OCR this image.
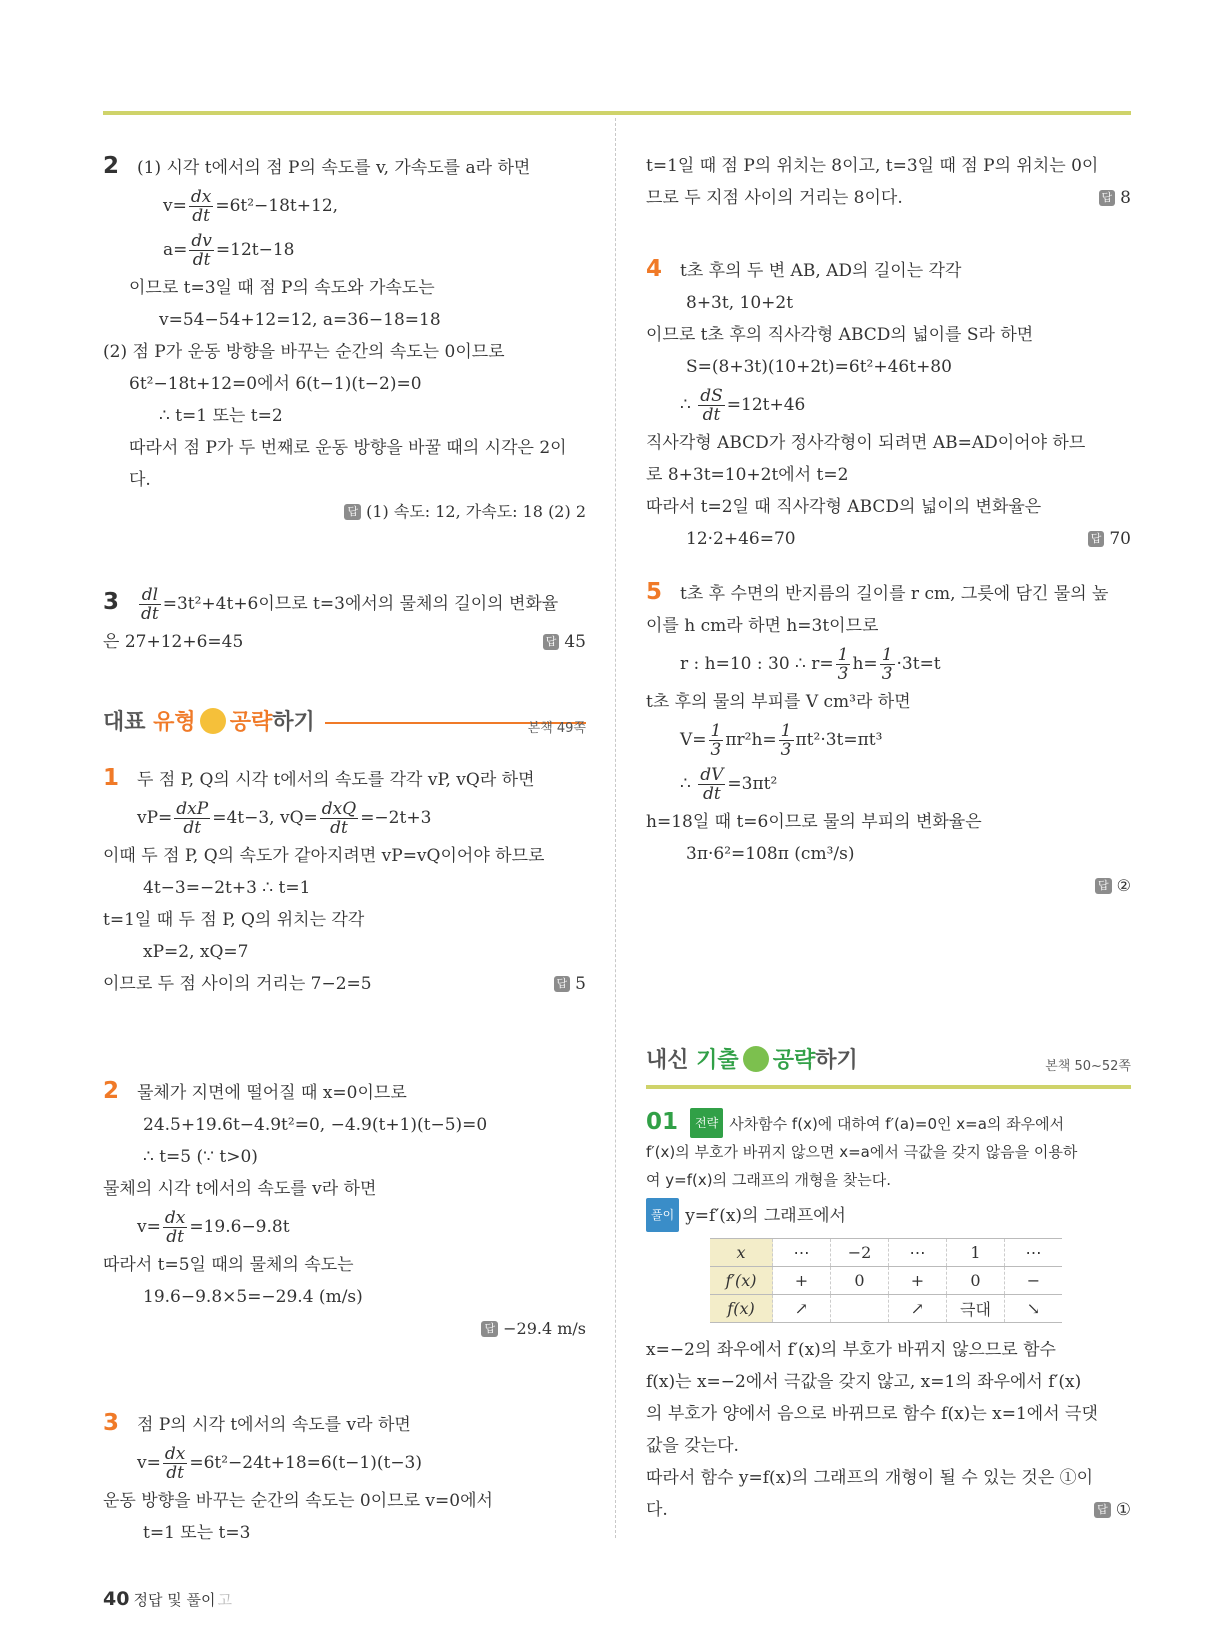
2 (1) 시각 t에서의 점 P의 속도를 v, 가속도를 a라 하면
$v= \frac{dx}{dt} =6t^2-18t+12$,
$a= \frac{dv}{dt} =12t-18$
이므로 t=3일 때 점 P의 속도와 가속도는
v=54−54+12=12, a=36−18=18
(2) 점 P가 운동 방향을 바꾸는 순간의 속도는 0이므로
6t²−18t+12=0에서 6(t−1)(t−2)=0
∴ t=1 또는 t=2
따라서 점 P가 두 번째로 운동 방향을 바꿀 때의 시각은 2이
다.
답 (1) 속도: 12, 가속도: 18 (2) 2
$3 \frac{dl}{dt} =3t^2+4t+6$이므로 t=3에서의 물체의 길이의 변화율
은 27+12+6=45	답 45
대표 유형 공략하기	본책 49쪽
1 두 점 P, Q의 시각 t에서의 속도를 각각 vP, vQ라 하면
$vP= \frac{\text{dxP}}{dt} =4t-3$, $vQ= \frac{\text{dxQ}}{dt} =-2t+3$
이때 두 점 P, Q의 속도가 같아지려면 vP=vQ이어야 하므로
4t−3=−2t+3 ∴ t=1
t=1일 때 두 점 P, Q의 위치는 각각
xP=2, xQ=7
이므로 두 점 사이의 거리는 7−2=5	답 5
2 물체가 지면에 떨어질 때 x=0이므로
24.5+19.6t−4.9t²=0, −4.9(t+1)(t−5)=0
∴ t=5 (∵ t>0)
물체의 시각 t에서의 속도를 v라 하면
$v= \frac{dx}{dt} =19.6-9.8t$
따라서 t=5일 때의 물체의 속도는
19.6−9.8×5=−29.4 (m/s)
답 −29.4 m/s
3 점 P의 시각 t에서의 속도를 v라 하면
$v= \frac{dx}{dt} =6t^2-24t+18=6(t-1)(t-3)$
운동 방향을 바꾸는 순간의 속도는 0이므로 v=0에서
t=1 또는 t=3
t=1일 때 점 P의 위치는 8이고, t=3일 때 점 P의 위치는 0이
므로 두 지점 사이의 거리는 8이다.	답 8
4 t초 후의 두 변 AB, AD의 길이는 각각
8+3t, 10+2t
이므로 t초 후의 직사각형 ABCD의 넓이를 S라 하면
S=(8+3t)(10+2t)=6t²+46t+80
∴ $\frac{dS}{dt} =12t+46$
직사각형 ABCD가 정사각형이 되려면 AB=AD이어야 하므
로 8+3t=10+2t에서 t=2
따라서 t=2일 때 직사각형 ABCD의 넓이의 변화율은
12·2+46=70	답 70
5 t초 후 수면의 반지름의 길이를 r cm, 그릇에 담긴 물의 높
이를 h cm라 하면 h=3t이므로
r : h=10 : 30 ∴ $r= \frac{1}{3} h= \frac{1}{3} \cdot 3t=t$
t초 후의 물의 부피를 V cm³라 하면
$V= \frac{1}{3} \pi r^2h= \frac{1}{3} \pi t^2\cdot 3t=\pi t^3$
∴ $\frac{dV}{dt} =3\pi t^2$
h=18일 때 t=6이므로 물의 부피의 변화율은
3π·6²=108π (cm³/s)
답 ②
내신 기출 공략하기	본책 50~52쪽
01 전략 사차함수 f(x)에 대하여 f′(a)=0인 x=a의 좌우에서
f′(x)의 부호가 바뀌지 않으면 x=a에서 극값을 갖지 않음을 이용하
여 y=f(x)의 그래프의 개형을 찾는다.
풀이 y=f′(x)의 그래프에서
x	⋯	−2	⋯	1	⋯
f′(x)	+	0	+	0	−
f(x)	↗		↗	극대	↘
x=−2의 좌우에서 f′(x)의 부호가 바뀌지 않으므로 함수
f(x)는 x=−2에서 극값을 갖지 않고, x=1의 좌우에서 f′(x)
의 부호가 양에서 음으로 바뀌므로 함수 f(x)는 x=1에서 극댓
값을 갖는다.
따라서 함수 y=f(x)의 그래프의 개형이 될 수 있는 것은 ①이
다.	답 ①
40 정답 및 풀이 고
